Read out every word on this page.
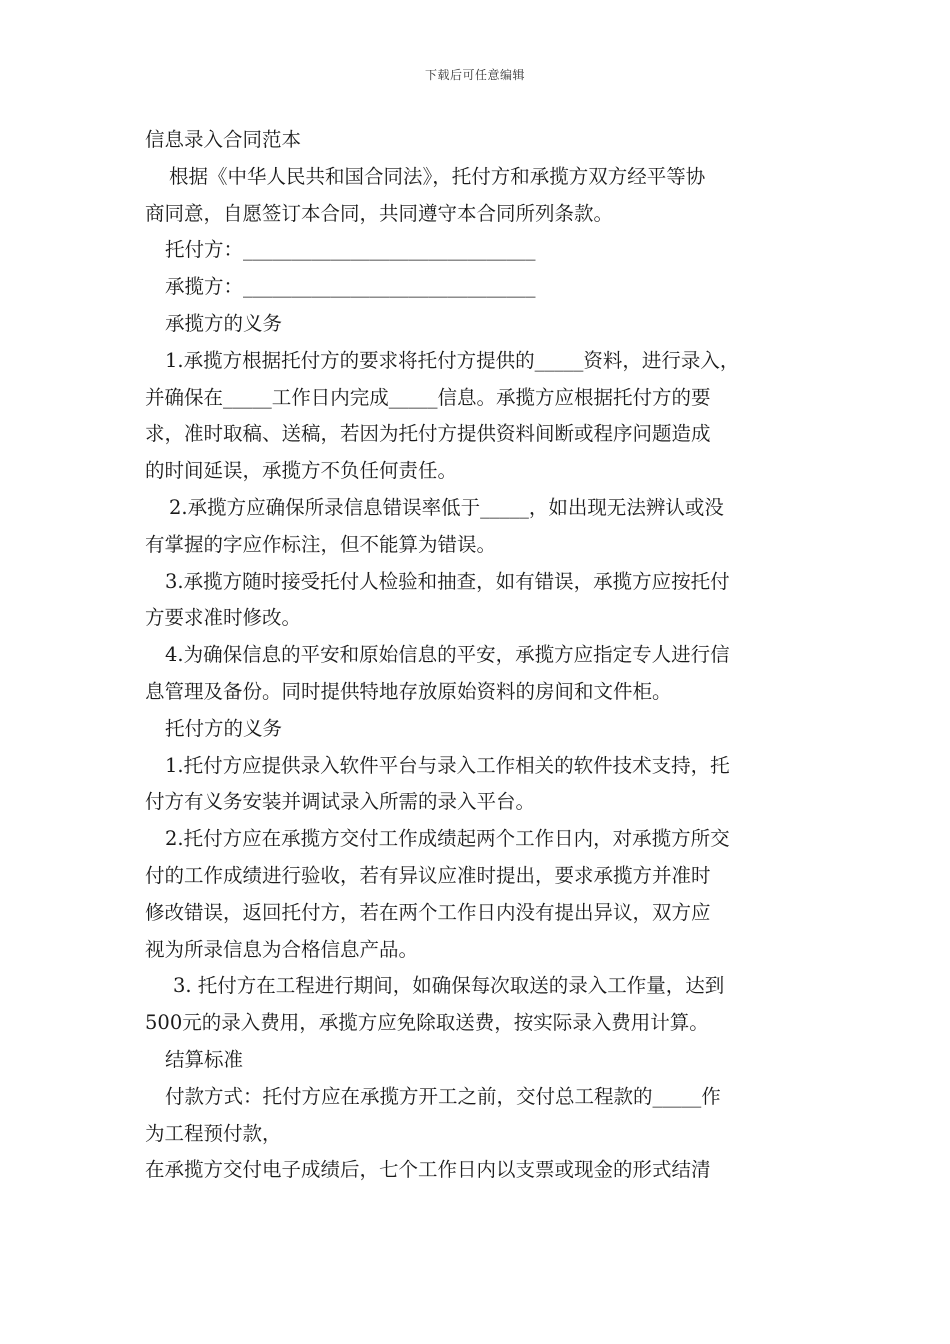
下载后可任意编辑
信息录入合同范本
根据《中华人民共和国合同法》，托付方和承揽方双方经平等协
商同意，自愿签订本合同，共同遵守本合同所列条款。
托付方：______________________________
承揽方：______________________________
承揽方的义务
1.承揽方根据托付方的要求将托付方提供的_____资料，进行录入，
并确保在_____工作日内完成_____信息。承揽方应根据托付方的要
求，准时取稿、送稿，若因为托付方提供资料间断或程序问题造成
的时间延误，承揽方不负任何责任。
2.承揽方应确保所录信息错误率低于_____，如出现无法辨认或没
有掌握的字应作标注，但不能算为错误。
3.承揽方随时接受托付人检验和抽查，如有错误，承揽方应按托付
方要求准时修改。
4.为确保信息的平安和原始信息的平安，承揽方应指定专人进行信
息管理及备份。同时提供特地存放原始资料的房间和文件柜。
托付方的义务
1.托付方应提供录入软件平台与录入工作相关的软件技术支持，托
付方有义务安装并调试录入所需的录入平台。
2.托付方应在承揽方交付工作成绩起两个工作日内，对承揽方所交
付的工作成绩进行验收，若有异议应准时提出，要求承揽方并准时
修改错误，返回托付方，若在两个工作日内没有提出异议，双方应
视为所录信息为合格信息产品。
3. 托付方在工程进行期间，如确保每次取送的录入工作量，达到
500元的录入费用，承揽方应免除取送费，按实际录入费用计算。
结算标准
付款方式：托付方应在承揽方开工之前，交付总工程款的_____作
为工程预付款，
在承揽方交付电子成绩后，七个工作日内以支票或现金的形式结清
